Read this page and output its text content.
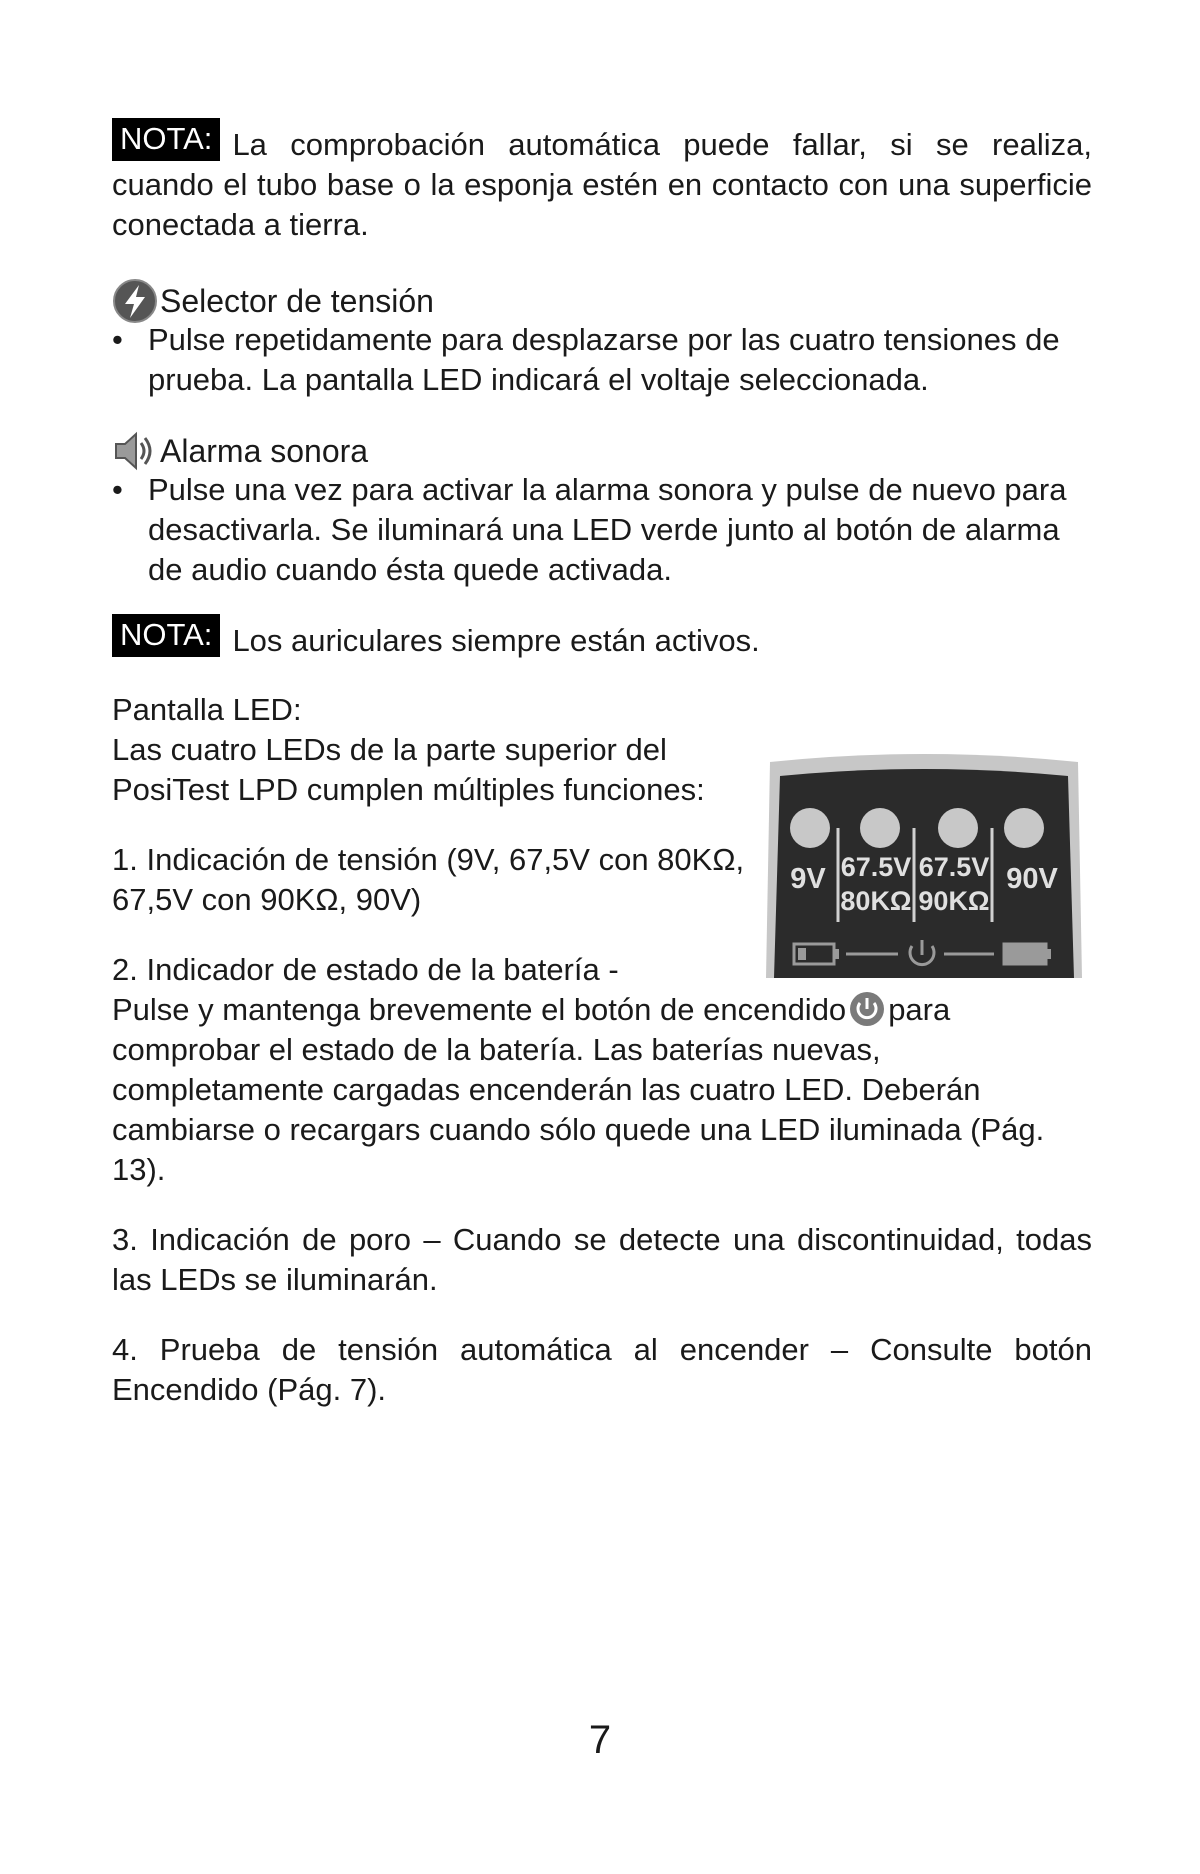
NOTA: La comprobación automática puede fallar, si se realiza, cuando el tubo base o la esponja estén en contacto con una superficie conectada a tierra.

Selector de tensión
• Pulse repetidamente para desplazarse por las cuatro tensiones de prueba. La pantalla LED indicará el voltaje seleccionada.
Alarma sonora
• Pulse una vez para activar la alarma sonora y pulse de nuevo para desactivarla. Se iluminará una LED verde junto al botón de alarma de audio cuando ésta quede activada.

NOTA: Los auriculares siempre están activos.

Pantalla LED:

Las cuatro LEDs de la parte superior del PosiTest LPD cumplen múltiples funciones:

1. Indicación de tensión (9V, 67,5V con 80KΩ, 67,5V con 90KΩ, 90V)

9V 67.5V
80KΩ
67.5V
90KΩ
90V

2. Indicador de estado de la batería -

Pulse y mantenga brevemente el botón de encendido para comprobar el estado de la batería. Las baterías nuevas, completamente cargadas encenderán las cuatro LED. Deberán cambiarse o recargars cuando sólo quede una LED iluminada (Pág. 13).

3. Indicación de poro – Cuando se detecte una discontinuidad, todas las LEDs se iluminarán.

4. Prueba de tensión automática al encender – Consulte botón Encendido (Pág. 7).

7
